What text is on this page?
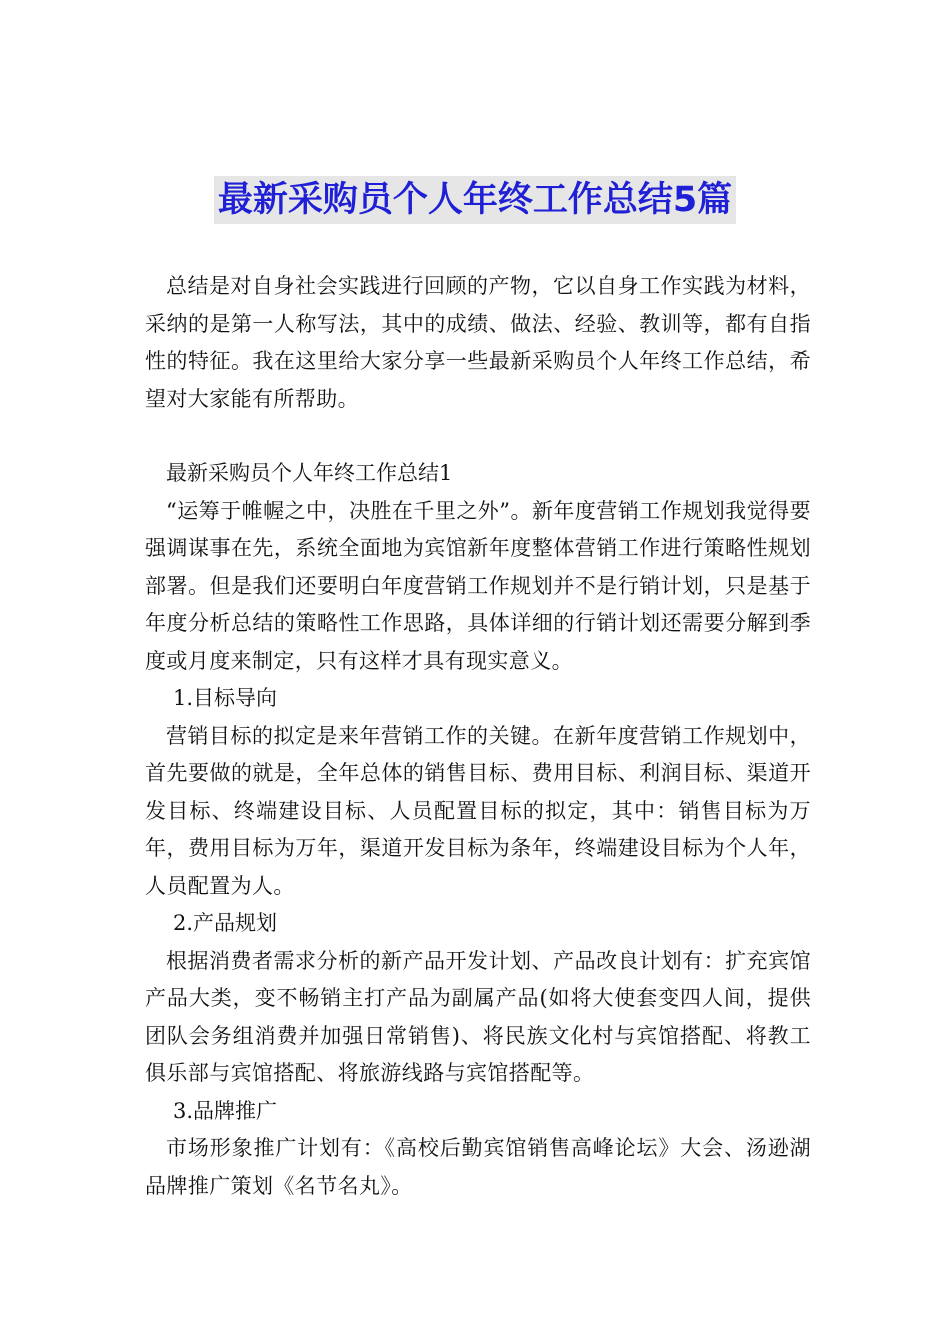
最新采购员个人年终工作总结5篇

总结是对自身社会实践进行回顾的产物，它以自身工作实践为材料，采纳的是第一人称写法，其中的成绩、做法、经验、教训等，都有自指性的特征。我在这里给大家分享一些最新采购员个人年终工作总结，希望对大家能有所帮助。

最新采购员个人年终工作总结1

“运筹于帷幄之中，决胜在千里之外”。新年度营销工作规划我觉得要强调谋事在先，系统全面地为宾馆新年度整体营销工作进行策略性规划部署。但是我们还要明白年度营销工作规划并不是行销计划，只是基于年度分析总结的策略性工作思路，具体详细的行销计划还需要分解到季度或月度来制定，只有这样才具有现实意义。

1.目标导向

营销目标的拟定是来年营销工作的关键。在新年度营销工作规划中，首先要做的就是，全年总体的销售目标、费用目标、利润目标、渠道开发目标、终端建设目标、人员配置目标的拟定，其中：销售目标为万年，费用目标为万年，渠道开发目标为条年，终端建设目标为个人年，人员配置为人。

2.产品规划

根据消费者需求分析的新产品开发计划、产品改良计划有：扩充宾馆产品大类，变不畅销主打产品为副属产品(如将大使套变四人间，提供团队会务组消费并加强日常销售)、将民族文化村与宾馆搭配、将教工俱乐部与宾馆搭配、将旅游线路与宾馆搭配等。

3.品牌推广

市场形象推广计划有：《高校后勤宾馆销售高峰论坛》大会、汤逊湖品牌推广策划《名节名丸》。
